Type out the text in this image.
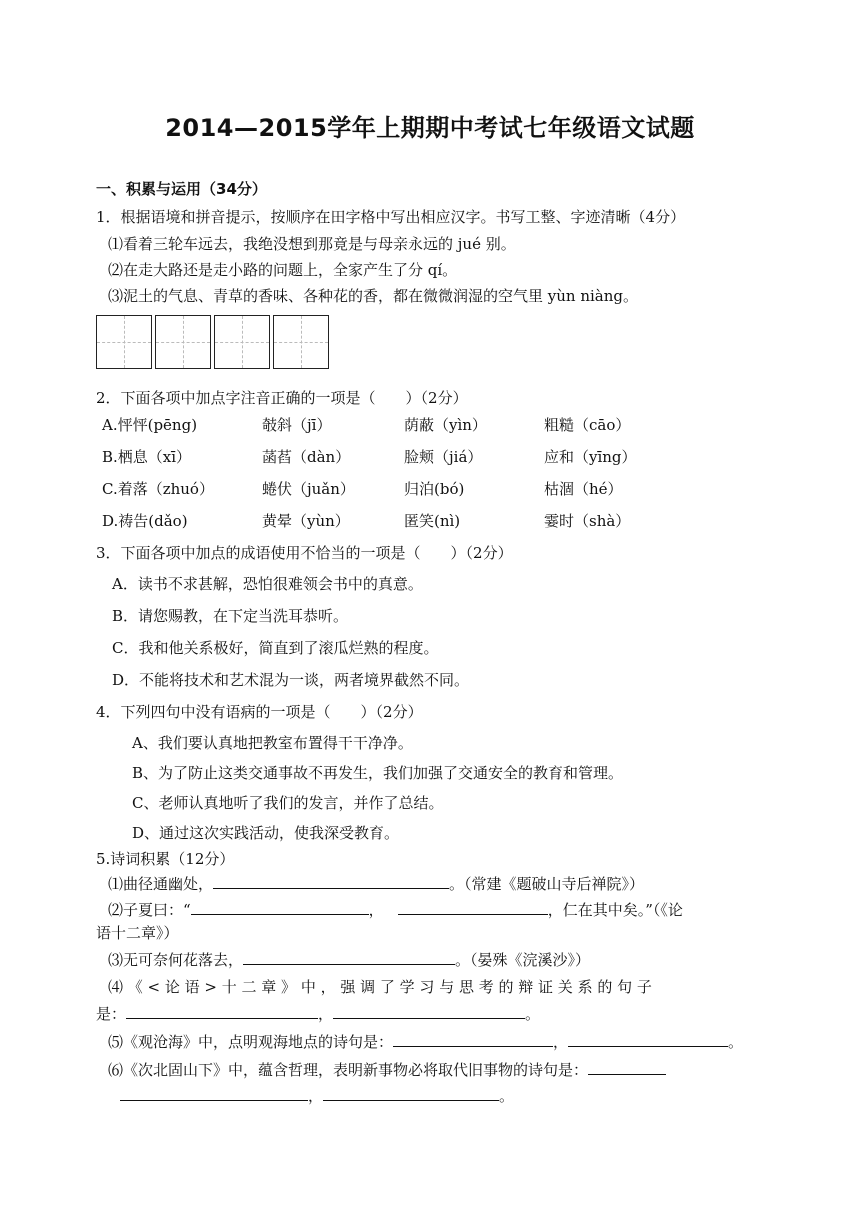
2014—2015学年上期期中考试七年级语文试题
一、积累与运用（34分）
1．根据语境和拼音提示，按顺序在田字格中写出相应汉字。书写工整、字迹清晰（4分）
⑴看着三轮车远去，我绝没想到那竟是与母亲永远的 jué 别。
⑵在走大路还是走小路的问题上，全家产生了分 qí。
⑶泥土的气息、青草的香味、各种花的香，都在微微润湿的空气里 yùn niàng。
2．下面各项中加点字注音正确的一项是（　　）（2分）
A.怦怦(pēng)	攲斜（jī）	荫蔽（yìn）	粗糙（cāo）
B.栖息（xī）	菡萏（dàn）	脸颊（jiá）	应和（yīng）
C.着落（zhuó）	蜷伏（juǎn）	归泊(bó)	枯涸（hé）
D.祷告(dǎo)	黄晕（yùn）	匿笑(nì)	霎时（shà）
3．下面各项中加点的成语使用不恰当的一项是（　　）（2分）
A．读书不求甚解，恐怕很难领会书中的真意。
B．请您赐教，在下定当洗耳恭听。
C．我和他关系极好，简直到了滚瓜烂熟的程度。
D．不能将技术和艺术混为一谈，两者境界截然不同。
4．下列四句中没有语病的一项是（　　）（2分）
A、我们要认真地把教室布置得干干净净。
B、为了防止这类交通事故不再发生，我们加强了交通安全的教育和管理。
C、老师认真地听了我们的发言，并作了总结。
D、通过这次实践活动，使我深受教育。
5.诗词积累（12分）
⑴曲径通幽处，	。（常建《题破山寺后禅院》）
⑵子夏曰：“	，	，仁在其中矣。”（《论
语十二章》）
⑶无可奈何花落去，	。（晏殊《浣溪沙》）
⑷ 《 < 论 语 > 十 二 章 》 中 ， 强 调 了 学 习 与 思 考 的 辩 证 关 系 的 句 子
是：	，	。
⑸《观沧海》中，点明观海地点的诗句是：	，	。
⑹《次北固山下》中，蕴含哲理，表明新事物必将取代旧事物的诗句是：
，	。
